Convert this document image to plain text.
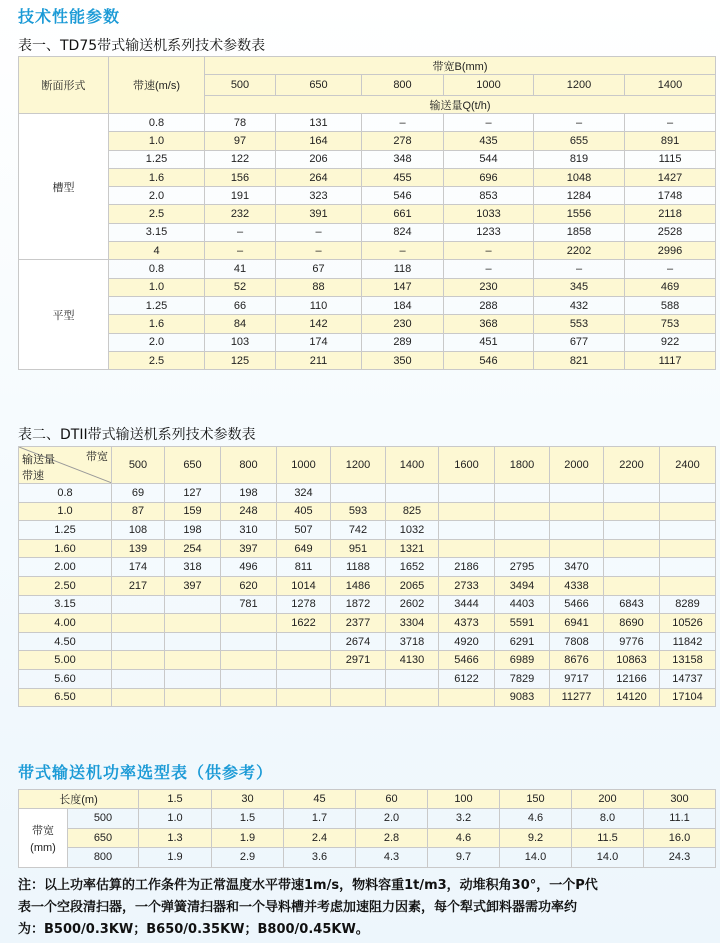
技术性能参数
表一、TD75带式输送机系列技术参数表
断面形式	带速(m/s)	带宽B(mm)					
		500	650	800	1000	1200	1400
		输送量Q(t/h)					
槽型	0.8	78	131	–	–	–	–
	1.0	97	164	278	435	655	891
	1.25	122	206	348	544	819	1115
	1.6	156	264	455	696	1048	1427
	2.0	191	323	546	853	1284	1748
	2.5	232	391	661	1033	1556	2118
	3.15	–	–	824	1233	1858	2528
	4	–	–	–	–	2202	2996
平型	0.8	41	67	118	–	–	–
	1.0	52	88	147	230	345	469
	1.25	66	110	184	288	432	588
	1.6	84	142	230	368	553	753
	2.0	103	174	289	451	677	922
	2.5	125	211	350	546	821	1117
表二、DTII带式输送机系列技术参数表
带宽
输送量
带速	500	650	800	1000	1200	1400	1600	1800	2000	2200	2400
0.8	69	127	198	324							
1.0	87	159	248	405	593	825					
1.25	108	198	310	507	742	1032					
1.60	139	254	397	649	951	1321					
2.00	174	318	496	811	1188	1652	2186	2795	3470		
2.50	217	397	620	1014	1486	2065	2733	3494	4338		
3.15			781	1278	1872	2602	3444	4403	5466	6843	8289
4.00				1622	2377	3304	4373	5591	6941	8690	10526
4.50					2674	3718	4920	6291	7808	9776	11842
5.00					2971	4130	5466	6989	8676	10863	13158
5.60							6122	7829	9717	12166	14737
6.50								9083	11277	14120	17104
带式输送机功率选型表（供参考）
长度(m)		1.5	30	45	60	100	150	200	300

带宽
(mm)	500	1.0	1.5	1.7	2.0	3.2	4.6	8.0	11.1
	650	1.3	1.9	2.4	2.8	4.6	9.2	11.5	16.0
	800	1.9	2.9	3.6	4.3	9.7	14.0	14.0	24.3
注：以上功率估算的工作条件为正常温度水平带速1m/s，物料容重1t/m3，动堆积角30°，一个P代
表一个空段清扫器，一个弹簧清扫器和一个导料槽并考虑加速阻力因素，每个犁式卸料器需功率约
为：B500/0.3KW；B650/0.35KW；B800/0.45KW。
